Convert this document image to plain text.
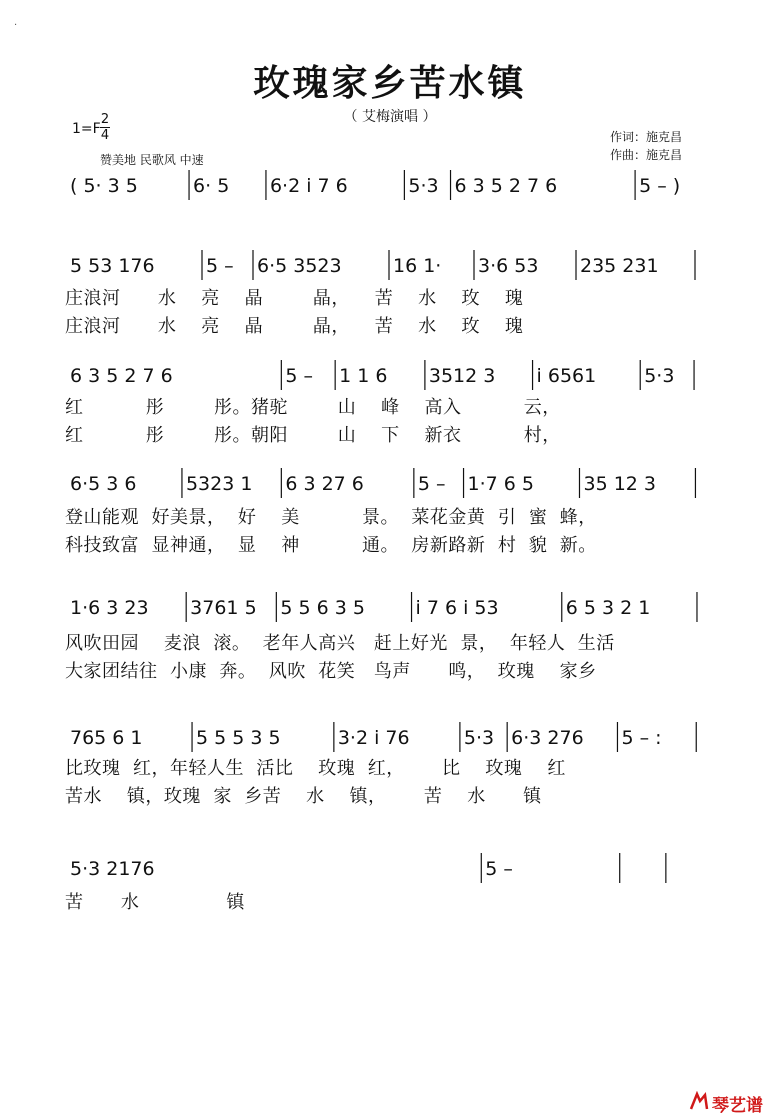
·
玫瑰家乡苦水镇
（ 艾梅演唱 ）
1=F
2
4
赞美地 民歌风 中速
作词：施克昌
作曲：施克昌
( 5· 3 5	6· 5 6·2 i 7 6	5·3 6 3 5 2 7 6	5 – )
5 53 176	5 – 6·5 3523	16 1· 3·6 53 235 231
6 3 5 2 7 6	5 – 1 1 6 3512 3 i 6561	5·3
6·5 3 6	5323 1 6 3 27 6	5 – 1·7 6 5	35 12 3
1·6 3 23 3761 5 5 5 6 3 5	i 7 6 i 53	6 5 3 2 1
765 6 1	5 5 5 3 5	3·2 i 76	5·3 6·3 276 5 – :
5·3 2176	5 –
庄浪河      水    亮    晶        晶，    苦    水    玫    瑰
庄浪河      水    亮    晶        晶，    苦    水    玫    瑰
红          彤        彤。猪驼        山    峰    高入          云，
红          彤        彤。朝阳        山    下    新衣          村，
登山能观  好美景，  好    美          景。  菜花金黄  引  蜜  蜂，
科技致富  显神通，  显    神          通。  房新路新  村  貌  新。
风吹田园    麦浪  滚。  老年人高兴   赶上好光  景，  年轻人  生活
大家团结往  小康  奔。  风吹  花笑   鸟声      鸣，  玫瑰    家乡
比玫瑰  红，年轻人生  活比    玫瑰  红，      比    玫瑰    红
苦水    镇，玫瑰  家  乡苦    水    镇，      苦    水      镇
苦      水              镇
琴艺谱
